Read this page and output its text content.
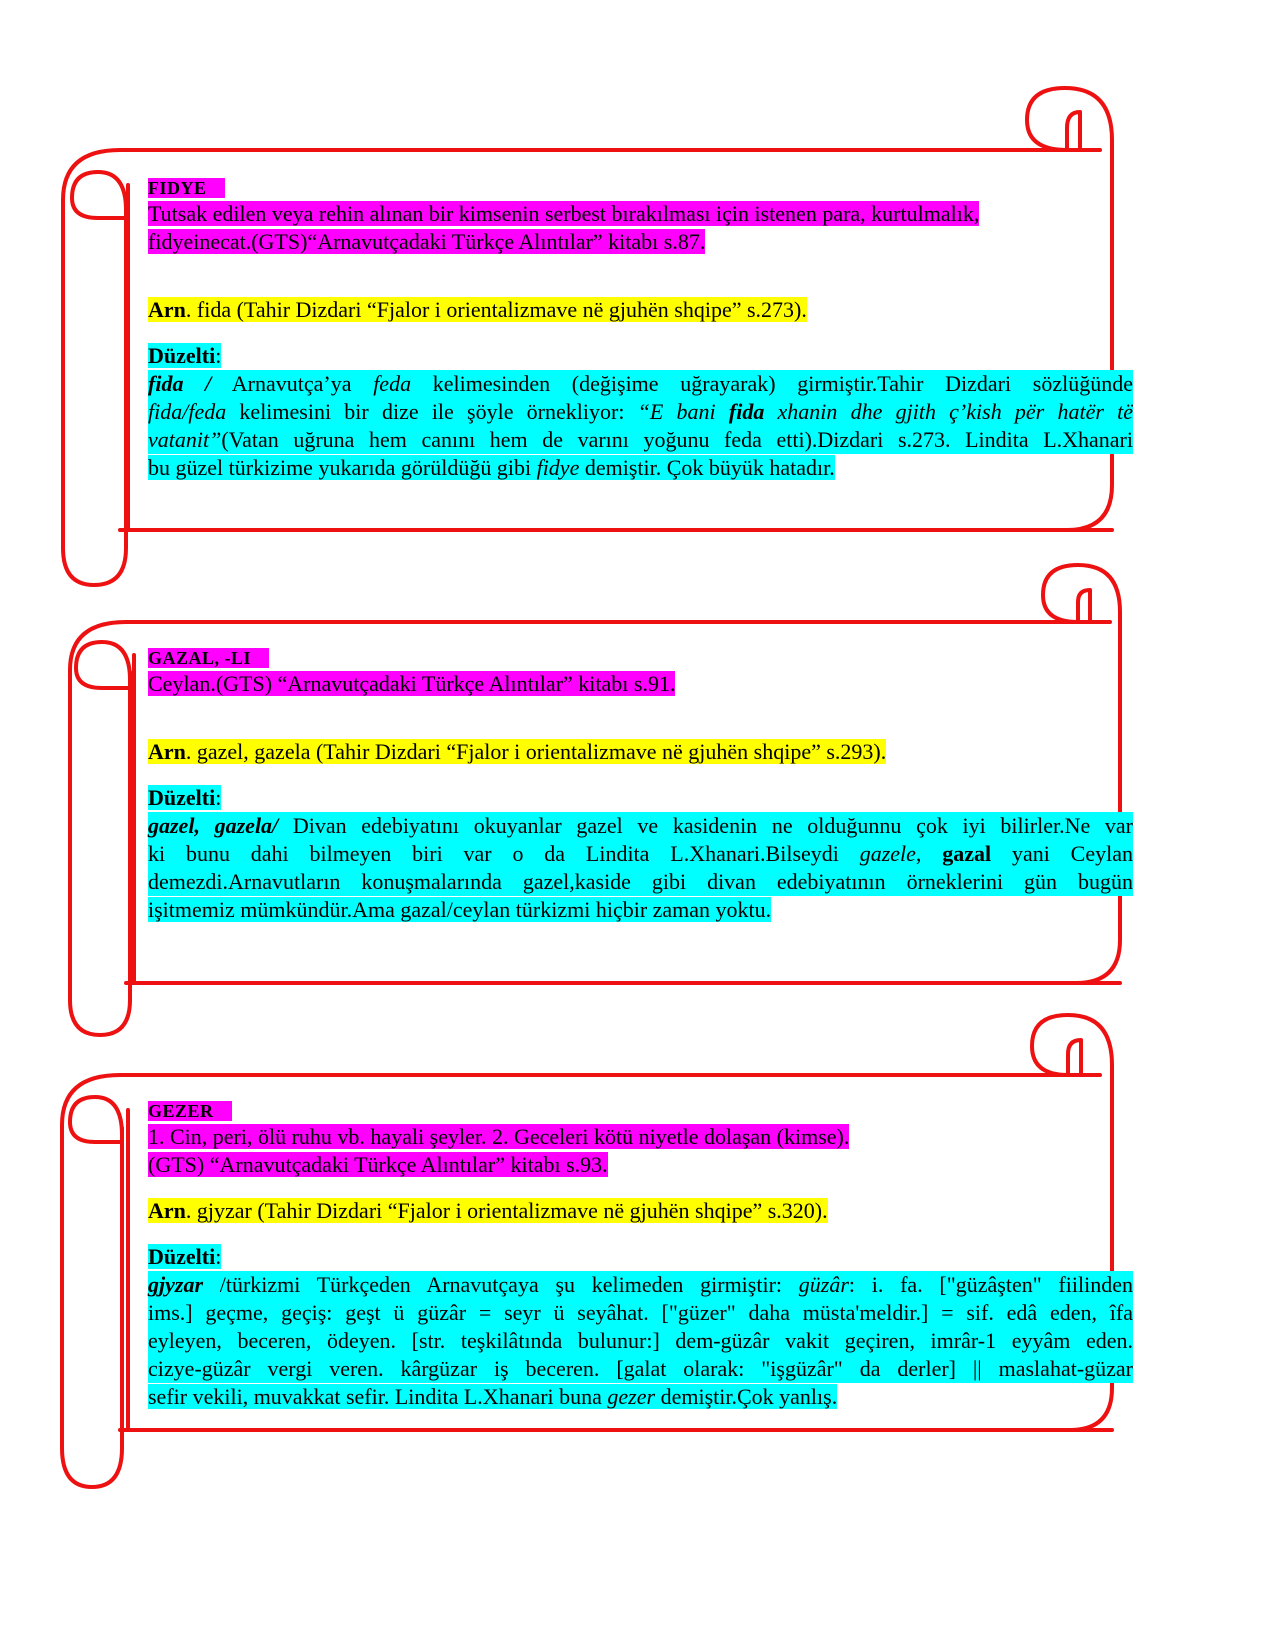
FIDYE
Tutsak edilen veya rehin alınan bir kimsenin serbest bırakılması için istenen para, kurtulmalık,
fidyeinecat.(GTS)“Arnavutçadaki Türkçe Alıntılar” kitabı s.87.
Arn. fida (Tahir Dizdari “Fjalor i orientalizmave në gjuhën shqipe” s.273).
Düzelti:
fida / Arnavutça’ya feda kelimesinden (değişime uğrayarak) girmiştir.Tahir Dizdari sözlüğünde
fida/feda kelimesini bir dize ile şöyle örnekliyor: “E bani fida xhanin dhe gjith ç’kish për hatër të
vatanit”(Vatan uğruna hem canını hem de varını yoğunu feda etti).Dizdari s.273. Lindita L.Xhanari
bu güzel türkizime yukarıda görüldüğü gibi fidye demiştir. Çok büyük hatadır.
GAZAL, -LI
Ceylan.(GTS) “Arnavutçadaki Türkçe Alıntılar” kitabı s.91.
Arn. gazel, gazela (Tahir Dizdari “Fjalor i orientalizmave në gjuhën shqipe” s.293).
Düzelti:
gazel, gazela/ Divan edebiyatını okuyanlar gazel ve kasidenin ne olduğunnu çok iyi bilirler.Ne var
ki bunu dahi bilmeyen biri var o da Lindita L.Xhanari.Bilseydi gazele, gazal yani Ceylan
demezdi.Arnavutların konuşmalarında gazel,kaside gibi divan edebiyatının örneklerini gün bugün
işitmemiz mümkündür.Ama gazal/ceylan türkizmi hiçbir zaman yoktu.
GEZER
1. Cin, peri, ölü ruhu vb. hayali şeyler. 2. Geceleri kötü niyetle dolaşan (kimse).
(GTS) “Arnavutçadaki Türkçe Alıntılar” kitabı s.93.
Arn. gjyzar (Tahir Dizdari “Fjalor i orientalizmave në gjuhën shqipe” s.320).
Düzelti:
gjyzar /türkizmi Türkçeden Arnavutçaya şu kelimeden girmiştir: güzâr: i. fa. ["güzâşten" fiilinden
ims.] geçme, geçiş: geşt ü güzâr = seyr ü seyâhat. ["güzer" daha müsta'meldir.] = sif. edâ eden, îfa
eyleyen, beceren, ödeyen. [str. teşkilâtında bulunur:] dem-güzâr vakit geçiren, imrâr-1 eyyâm eden.
cizye-güzâr vergi veren. kârgüzar iş beceren. [galat olarak: "işgüzâr" da derler] || maslahat-güzar
sefir vekili, muvakkat sefir. Lindita L.Xhanari buna gezer demiştir.Çok yanlış.
